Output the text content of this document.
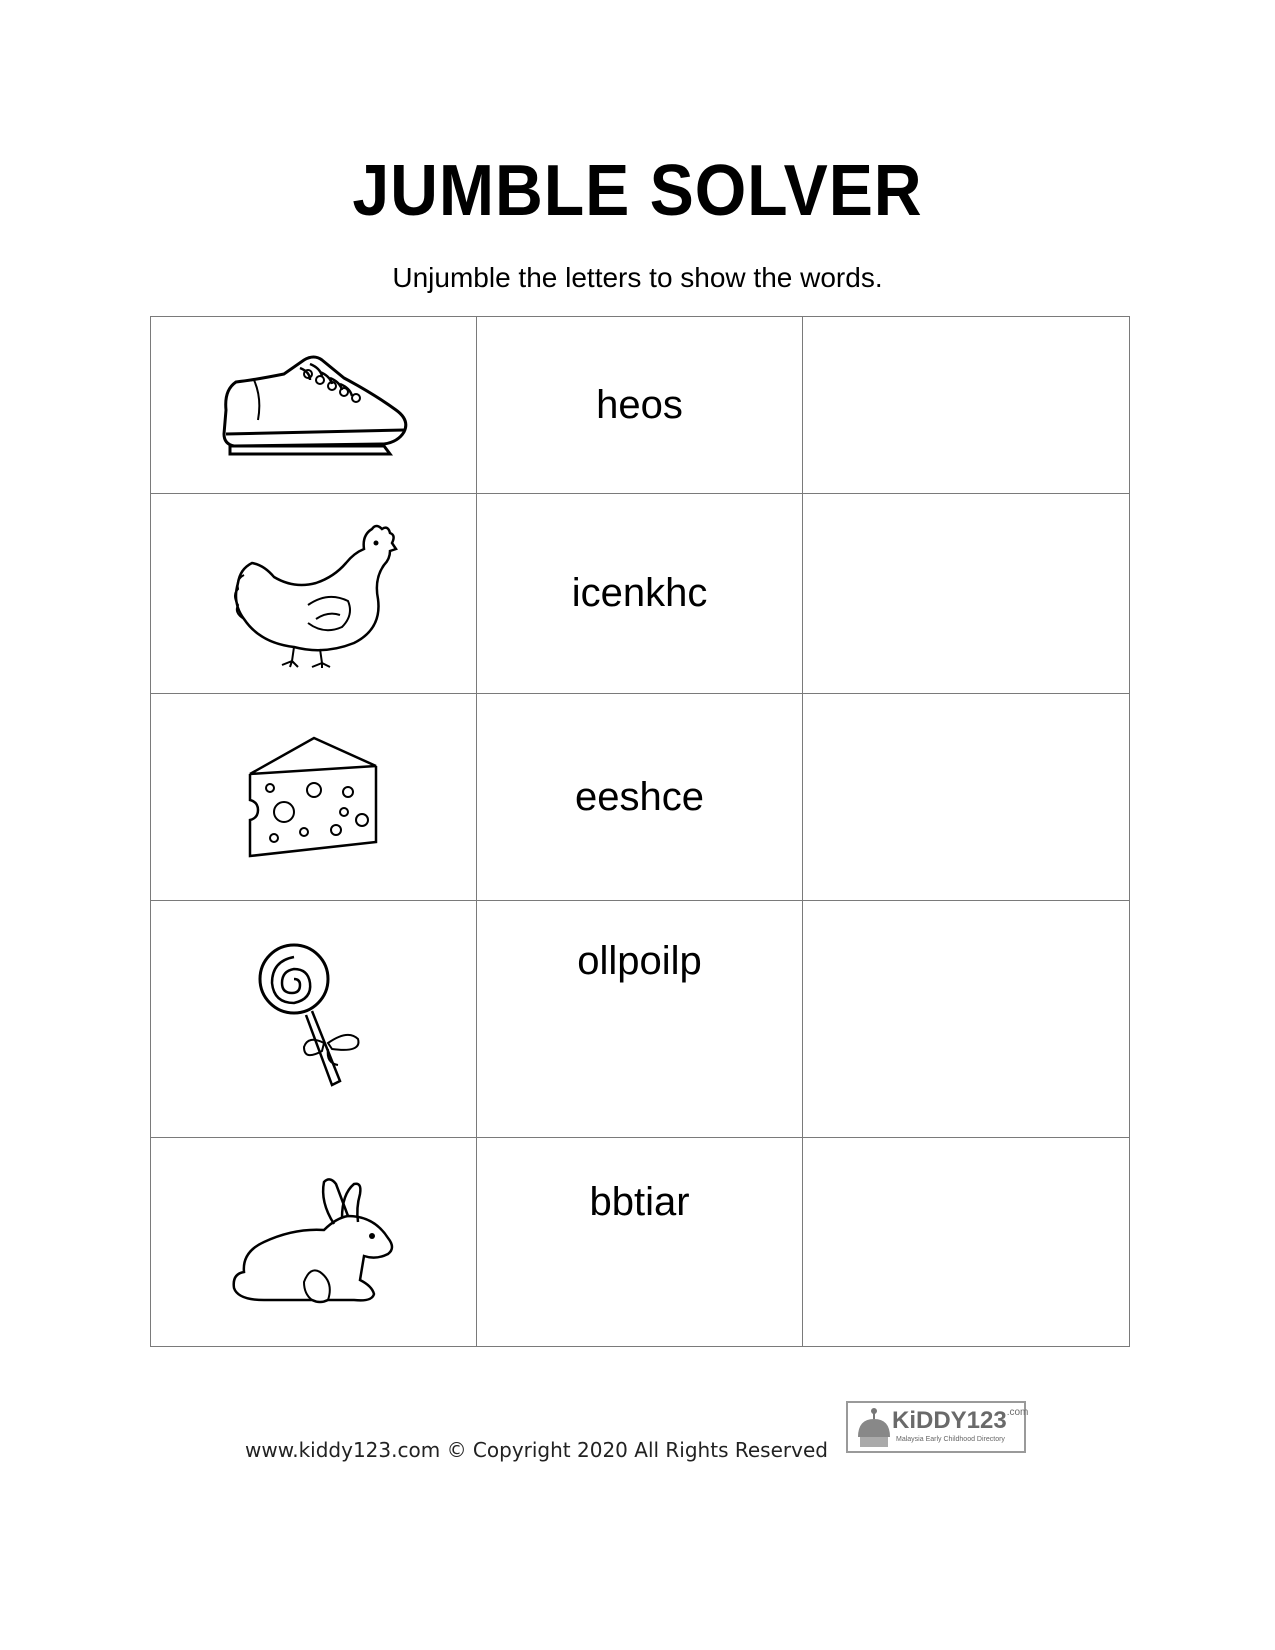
JUMBLE SOLVER
Unjumble the letters to show the words.
	heos	

	icenkhc	

	eeshce	

ollpoilp	

bbtiar	

www.kiddy123.com © Copyright 2020 All Rights Reserved
$KiDDY123^{.com}$
Malaysia Early Childhood Directory
